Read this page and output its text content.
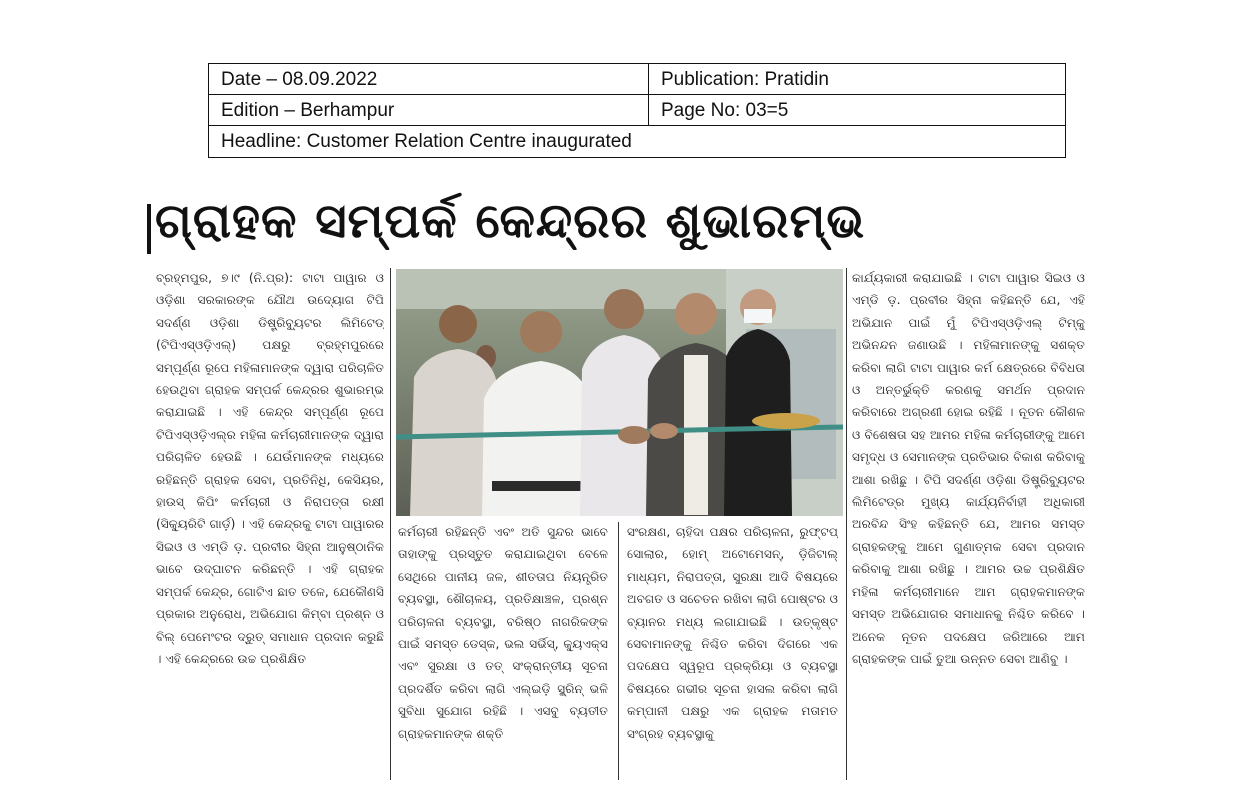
Date – 08.09.2022	Publication: Pratidin
Edition – Berhampur	Page No: 03=5
Headline: Customer Relation Centre inaugurated
ଗ୍ରାହକ ସମ୍ପର୍କ କେନ୍ଦ୍ରର ଶୁଭାରମ୍ଭ

ବ୍ରହ୍ମପୁର, ୭।୯ (ନି.ପ୍ର): ଟାଟା ପାୱାର ଓ ଓଡ଼ିଶା ସରକାରଙ୍କ ଯୌଥ ଉଦ୍ୟୋଗ ଟିପି ସଦର୍ଣ୍ଣ ଓଡ଼ିଶା ଡିଷ୍ଟ୍ରିବ୍ୟୁଟର ଲିମିଟେଡ୍ (ଟିପିଏସ୍ଓଡ଼ିଏଲ୍) ପକ୍ଷରୁ ବ୍ରହ୍ମପୁରରେ ସମ୍ପୂର୍ଣ୍ଣ ରୂପେ ମହିଳାମାନଙ୍କ ଦ୍ୱାରା ପରିଚାଳିତ ହେଉଥିବା ଗ୍ରାହକ ସମ୍ପର୍କ କେନ୍ଦ୍ରର ଶୁଭାରମ୍ଭ କରାଯାଇଛି । ଏହି କେନ୍ଦ୍ର ସମ୍ପୂର୍ଣ୍ଣ ରୂପେ ଟିପିଏସ୍ଓଡ଼ିଏଲ୍‌ର ମହିଳା କର୍ମଚାରୀମାନଙ୍କ ଦ୍ୱାରା ପରିଚାଳିତ ହେଉଛି । ଯେଉଁମାନଙ୍କ ମଧ୍ୟରେ ରହିଛନ୍ତି ଗ୍ରାହକ ସେବା, ପ୍ରତିନିଧି, କେସିୟର, ହାଉସ୍ କିପିଂ କର୍ମଚାରୀ ଓ ନିରାପତ୍ତା ରକ୍ଷୀ (ସିକ୍ୟୁରିଟି ଗାର୍ଡ଼) । ଏହି କେନ୍ଦ୍ରକୁ ଟାଟା ପାୱାରର ସିଇଓ ଓ ଏମ୍‌ଡି ଡ଼. ପ୍ରବୀର ସିହ୍ନା ଆନୁଷ୍ଠାନିକ ଭାବେ ଉଦ୍‌ଘାଟନ କରିଛନ୍ତି । ଏହି ଗ୍ରାହକ ସମ୍ପର୍କ କେନ୍ଦ୍ର, ଗୋଟିଏ ଛାତ ତଳେ, ଯେକୌଣସି ପ୍ରକାର ଅନୁରୋଧ, ଅଭିଯୋଗ କିମ୍ବା ପ୍ରଶ୍ନ ଓ ବିଲ୍ ପେମେଂଟର ଦ୍ରୁତ୍ ସମାଧାନ ପ୍ରଦାନ କରୁଛି । ଏହି କେନ୍ଦ୍ରରେ ଉଚ୍ଚ ପ୍ରଶିକ୍ଷିତ

କର୍ମଚାରୀ ରହିଛନ୍ତି ଏବଂ ଅତି ସୁନ୍ଦର ଭାବେ ତାହାଙ୍କୁ ପ୍ରସ୍ତୁତ କରାଯାଇଥିବା ବେଳେ ସେଥିରେ ପାନୀୟ ଜଳ, ଶୀତତାପ ନିୟନ୍ତ୍ରିତ ବ୍ୟବସ୍ଥା, ଶୌଚାଳୟ, ପ୍ରତିକ୍ଷାଞ୍ଚଳ, ପ୍ରଶ୍ନ ପରିଚାଳନା ବ୍ୟବସ୍ଥା, ବରିଷ୍ଠ ନାଗରିକଙ୍କ ପାଇଁ ସମସ୍ତ ଡେସ୍କ, ଭଲ ସର୍ଭିସ୍, କ୍ୟୁଏକ୍ସ ଏବଂ ସୁରକ୍ଷା ଓ ତତ୍ ସଂକ୍ରାନ୍ତୀୟ ସୂଚନା ପ୍ରଦର୍ଶିତ କରିବା ଲାଗି ଏଲ୍‌ଇଡ଼ି ସ୍କ୍ରିନ୍ ଭଳି ସୁବିଧା ସୁଯୋଗ ରହିଛି । ଏସବୁ ବ୍ୟତୀତ ଗ୍ରାହକମାନଙ୍କ ଶକ୍ତି

ସଂରକ୍ଷଣ, ଚାହିଦା ପକ୍ଷର ପରିଚାଳନା, ରୁଫ୍‌ଟପ୍ ସୋଲାର, ହୋମ୍ ଅଟୋମେସନ୍, ଡ଼ିଜିଟାଲ୍ ମାଧ୍ୟମ, ନିରାପତ୍ତା, ସୁରକ୍ଷା ଆଦି ବିଷୟରେ ଅବଗତ ଓ ସଚେତନ ରଖିବା ଲାଗି ପୋଷ୍ଟର ଓ ବ୍ୟାନର ମଧ୍ୟ ଲଗାଯାଇଛି । ଉତ୍କୃଷ୍ଟ ସେବାମାନଙ୍କୁ ନିଶ୍ଚିତ କରିବା ଦିଗରେ ଏକ ପଦକ୍ଷେପ ସ୍ୱରୂପ ପ୍ରକ୍ରିୟା ଓ ବ୍ୟବସ୍ଥା ବିଷୟରେ ଗଭୀର ସୂଚନା ହାସଲ କରିବା ଲାଗି କମ୍ପାନୀ ପକ୍ଷରୁ ଏକ ଗ୍ରାହକ ମତାମତ ସଂଗ୍ରହ ବ୍ୟବସ୍ଥାକୁ

କାର୍ଯ୍ୟକାରୀ କରାଯାଇଛି । ଟାଟା ପାୱାର ସିଇଓ ଓ ଏମ୍‌ଡି ଡ଼. ପ୍ରବୀର ସିହ୍ନା କହିଛନ୍ତି ଯେ, ଏହି ଅଭିଯାନ ପାଇଁ ମୁଁ ଟିପିଏସ୍ଓଡ଼ିଏଲ୍ ଟିମ୍‌କୁ ଅଭିନନ୍ଦନ ଜଣାଉଛି । ମହିଳାମାନଙ୍କୁ ସଶକ୍ତ କରିବା ଲାଗି ଟାଟା ପାୱାର କର୍ମ କ୍ଷେତ୍ରରେ ବିବିଧତା ଓ ଅନ୍ତର୍ଭୁକ୍ତି କରଣକୁ ସମର୍ଥନ ପ୍ରଦାନ କରିବାରେ ଅଗ୍ରଣୀ ହୋଇ ରହିଛି । ନୂତନ କୌଶଳ ଓ ବିଶେଷତା ସହ ଆମର ମହିଳା କର୍ମଚାରୀଙ୍କୁ ଆମେ ସମୃଦ୍ଧ ଓ ସେମାନଙ୍କ ପ୍ରତିଭାର ବିକାଶ କରିବାକୁ ଆଶା ରଖିଛୁ । ଟିପି ସଦର୍ଣ୍ଣ ଓଡ଼ିଶା ଡିଷ୍ଟ୍ରିବ୍ୟୁଟର ଲିମିଟେଡ୍‌ର ମୁଖ୍ୟ କାର୍ଯ୍ୟନିର୍ବାହୀ ଅଧିକାରୀ ଅରବିନ୍ଦ ସିଂହ କହିଛନ୍ତି ଯେ, ଆମର ସମସ୍ତ ଗ୍ରାହକଙ୍କୁ ଆମେ ଗୁଣାତ୍ମକ ସେବା ପ୍ରଦାନ କରିବାକୁ ଆଶା ରଖିଛୁ । ଆମର ଉଚ୍ଚ ପ୍ରଶିକ୍ଷିତ ମହିଳା କର୍ମଚାରୀମାନେ ଆମ ଗ୍ରାହକମାନଙ୍କ ସମସ୍ତ ଅଭିଯୋଗର ସମାଧାନକୁ ନିଶ୍ଚିତ କରିବେ । ଅନେକ ନୂତନ ପଦକ୍ଷେପ ଜରିଆରେ ଆମ ଗ୍ରାହକଙ୍କ ପାଇଁ ତୁଆ ଉନ୍ନତ ସେବା ଆଣିବୁ ।
